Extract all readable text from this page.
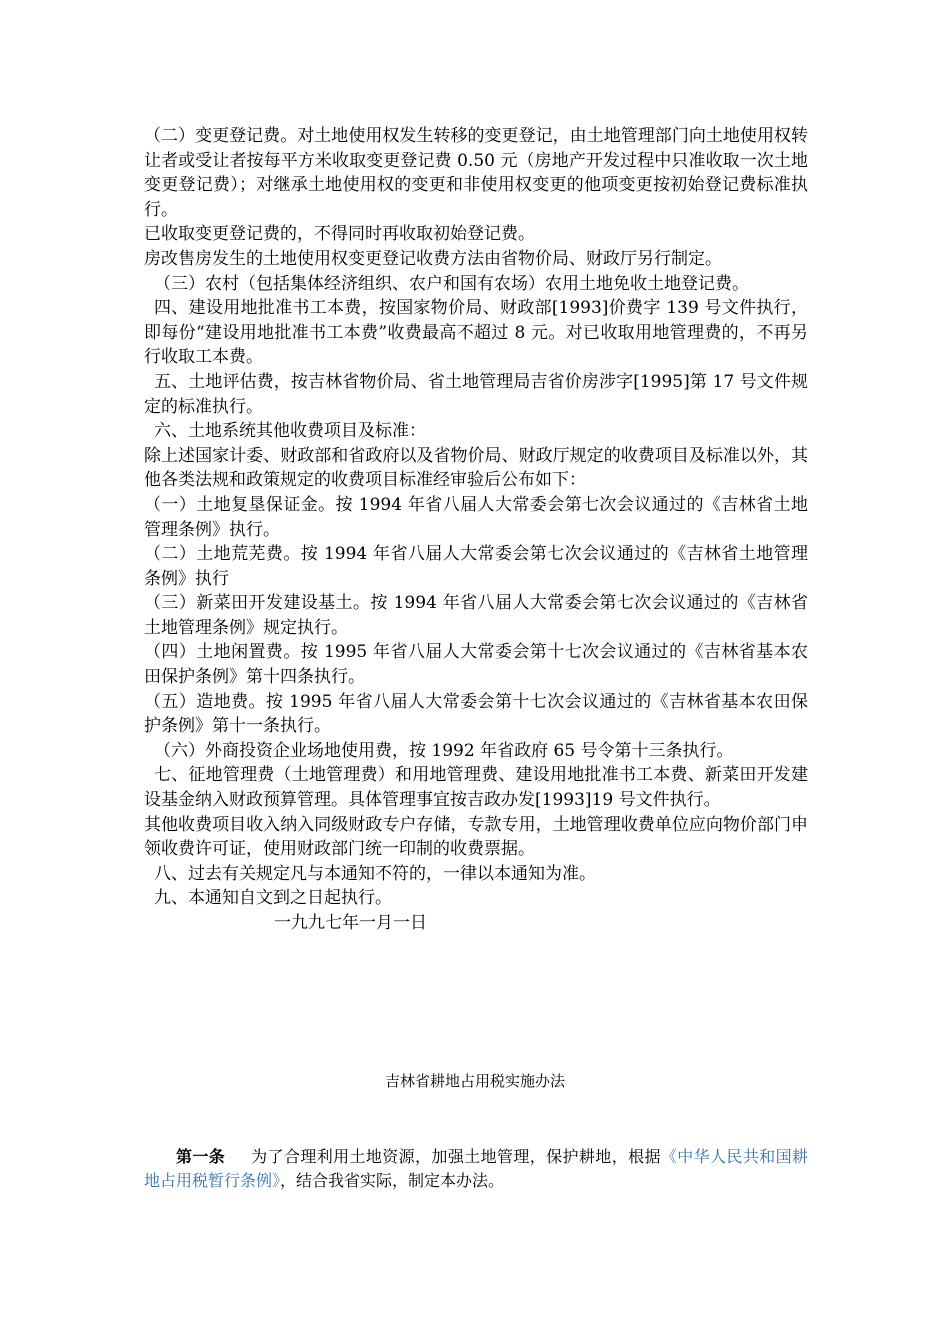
（二）变更登记费。对土地使用权发生转移的变更登记，由土地管理部门向土地使用权转让者或受让者按每平方米收取变更登记费 0.50 元（房地产开发过程中只准收取一次土地变更登记费）；对继承土地使用权的变更和非使用权变更的他项变更按初始登记费标准执行。

已收取变更登记费的，不得同时再收取初始登记费。

房改售房发生的土地使用权变更登记收费方法由省物价局、财政厅另行制定。

（三）农村（包括集体经济组织、农户和国有农场）农用土地免收土地登记费。

四、建设用地批准书工本费，按国家物价局、财政部[1993]价费字 139 号文件执行，即每份“建设用地批准书工本费”收费最高不超过 8 元。对已收取用地管理费的，不再另行收取工本费。

五、土地评估费，按吉林省物价局、省土地管理局吉省价房涉字[1995]第 17 号文件规定的标准执行。

六、土地系统其他收费项目及标准：

除上述国家计委、财政部和省政府以及省物价局、财政厅规定的收费项目及标准以外，其他各类法规和政策规定的收费项目标准经审验后公布如下：

（一）土地复垦保证金。按 1994 年省八届人大常委会第七次会议通过的《吉林省土地管理条例》执行。

（二）土地荒芜费。按 1994 年省八届人大常委会第七次会议通过的《吉林省土地管理条例》执行

（三）新菜田开发建设基土。按 1994 年省八届人大常委会第七次会议通过的《吉林省土地管理条例》规定执行。

（四）土地闲置费。按 1995 年省八届人大常委会第十七次会议通过的《吉林省基本农田保护条例》第十四条执行。

（五）造地费。按 1995 年省八届人大常委会第十七次会议通过的《吉林省基本农田保护条例》第十一条执行。

（六）外商投资企业场地使用费，按 1992 年省政府 65 号令第十三条执行。

七、征地管理费（土地管理费）和用地管理费、建设用地批准书工本费、新菜田开发建设基金纳入财政预算管理。具体管理事宜按吉政办发[1993]19 号文件执行。

其他收费项目收入纳入同级财政专户存储，专款专用，土地管理收费单位应向物价部门申领收费许可证，使用财政部门统一印制的收费票据。

八、过去有关规定凡与本通知不符的，一律以本通知为准。

九、本通知自文到之日起执行。

一九九七年一月一日

吉林省耕地占用税实施办法

第一条 为了合理利用土地资源，加强土地管理，保护耕地，根据《中华人民共和国耕地占用税暂行条例》，结合我省实际，制定本办法。
